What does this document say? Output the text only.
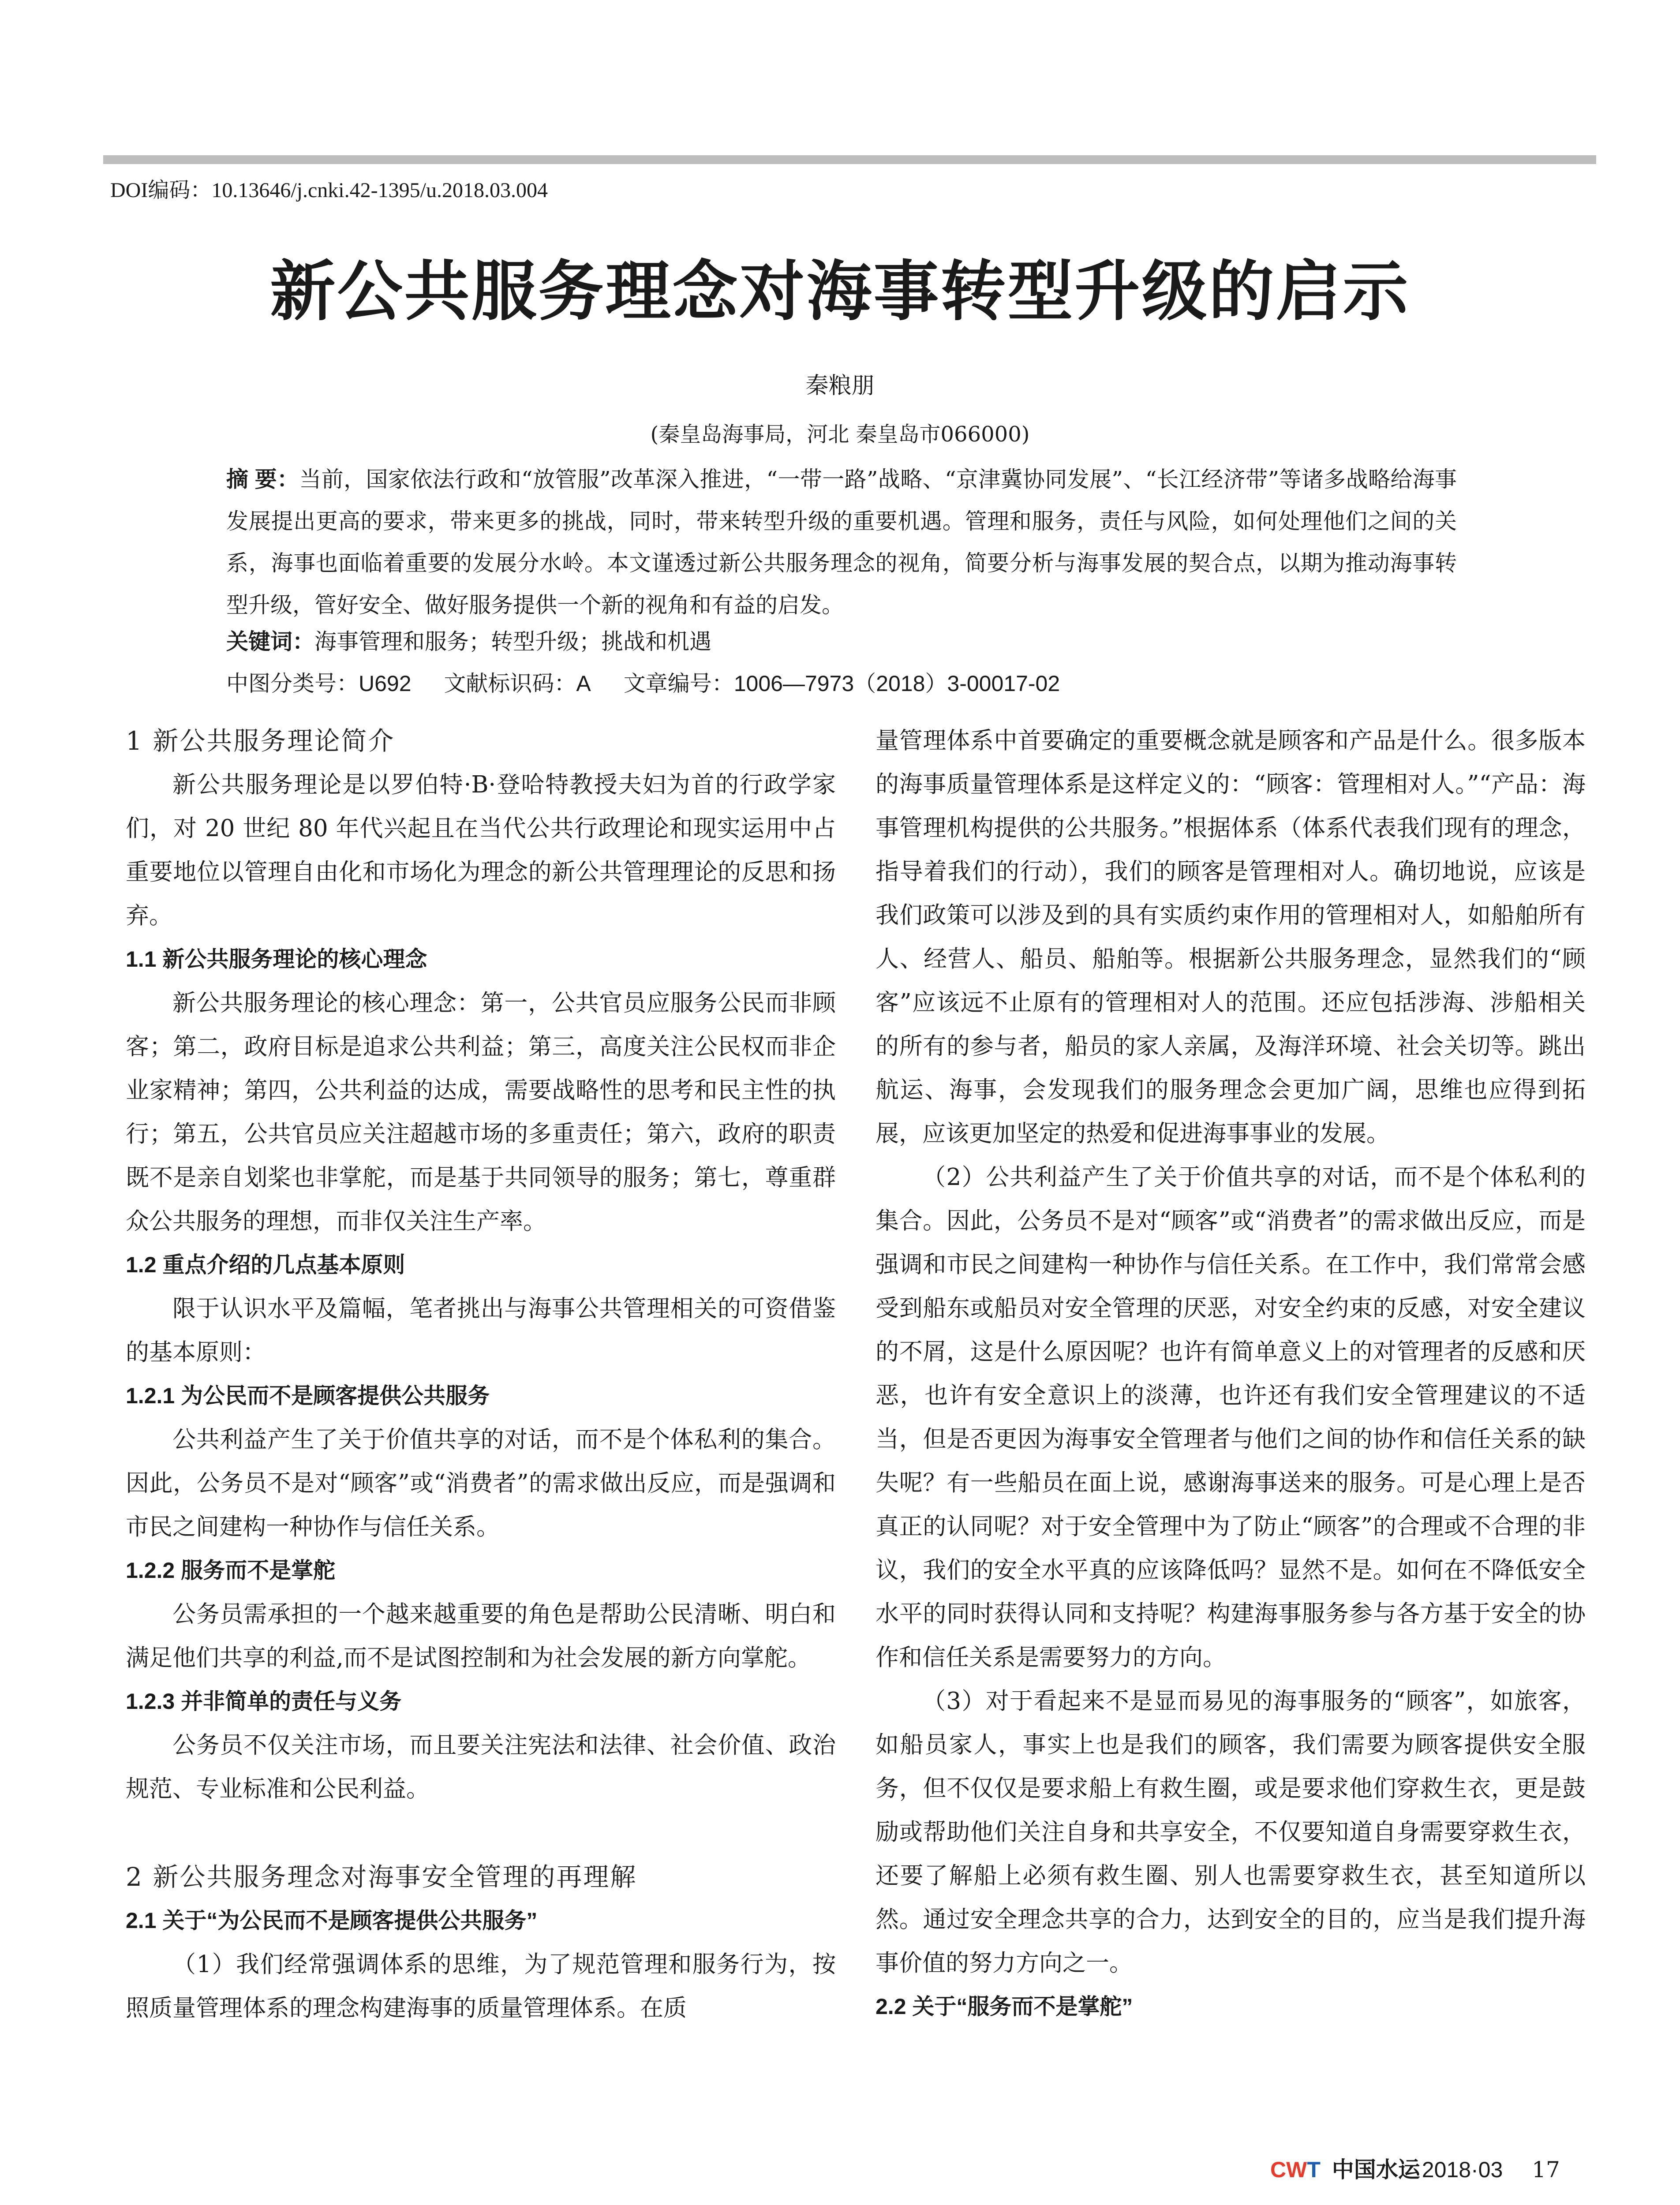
DOI编码：10.13646/j.cnki.42-1395/u.2018.03.004
新公共服务理念对海事转型升级的启示
秦粮朋
(秦皇岛海事局，河北 秦皇岛市066000)
摘 要：当前，国家依法行政和“放管服”改革深入推进，“一带一路”战略、“京津冀协同发展”、“长江经济带”等诸多战略给海事发展提出更高的要求，带来更多的挑战，同时，带来转型升级的重要机遇。管理和服务，责任与风险，如何处理他们之间的关系，海事也面临着重要的发展分水岭。本文谨透过新公共服务理念的视角，简要分析与海事发展的契合点，以期为推动海事转型升级，管好安全、做好服务提供一个新的视角和有益的启发。
关键词：海事管理和服务；转型升级；挑战和机遇
中图分类号：U692 文献标识码：A 文章编号：1006—7973（2018）3-00017-02
1 新公共服务理论简介

新公共服务理论是以罗伯特·B·登哈特教授夫妇为首的行政学家们，对 20 世纪 80 年代兴起且在当代公共行政理论和现实运用中占重要地位以管理自由化和市场化为理念的新公共管理理论的反思和扬弃。

1.1 新公共服务理论的核心理念

新公共服务理论的核心理念：第一，公共官员应服务公民而非顾客；第二，政府目标是追求公共利益；第三，高度关注公民权而非企业家精神；第四，公共利益的达成，需要战略性的思考和民主性的执行；第五，公共官员应关注超越市场的多重责任；第六，政府的职责既不是亲自划桨也非掌舵，而是基于共同领导的服务；第七，尊重群众公共服务的理想，而非仅关注生产率。

1.2 重点介绍的几点基本原则

限于认识水平及篇幅，笔者挑出与海事公共管理相关的可资借鉴的基本原则：

1.2.1 为公民而不是顾客提供公共服务

公共利益产生了关于价值共享的对话，而不是个体私利的集合。因此，公务员不是对“顾客”或“消费者”的需求做出反应，而是强调和市民之间建构一种协作与信任关系。

1.2.2 服务而不是掌舵

公务员需承担的一个越来越重要的角色是帮助公民清晰、明白和满足他们共享的利益,而不是试图控制和为社会发展的新方向掌舵。

1.2.3 并非简单的责任与义务

公务员不仅关注市场，而且要关注宪法和法律、社会价值、政治规范、专业标准和公民利益。

2 新公共服务理念对海事安全管理的再理解
2.1 关于“为公民而不是顾客提供公共服务”

（1）我们经常强调体系的思维，为了规范管理和服务行为，按照质量管理体系的理念构建海事的质量管理体系。在质

量管理体系中首要确定的重要概念就是顾客和产品是什么。很多版本的海事质量管理体系是这样定义的：“顾客：管理相对人。”“产品：海事管理机构提供的公共服务。”根据体系（体系代表我们现有的理念，指导着我们的行动），我们的顾客是管理相对人。确切地说，应该是我们政策可以涉及到的具有实质约束作用的管理相对人，如船舶所有人、经营人、船员、船舶等。根据新公共服务理念，显然我们的“顾客”应该远不止原有的管理相对人的范围。还应包括涉海、涉船相关的所有的参与者，船员的家人亲属，及海洋环境、社会关切等。跳出航运、海事，会发现我们的服务理念会更加广阔，思维也应得到拓展，应该更加坚定的热爱和促进海事事业的发展。

（2）公共利益产生了关于价值共享的对话，而不是个体私利的集合。因此，公务员不是对“顾客”或“消费者”的需求做出反应，而是强调和市民之间建构一种协作与信任关系。在工作中，我们常常会感受到船东或船员对安全管理的厌恶，对安全约束的反感，对安全建议的不屑，这是什么原因呢？也许有简单意义上的对管理者的反感和厌恶，也许有安全意识上的淡薄，也许还有我们安全管理建议的不适当，但是否更因为海事安全管理者与他们之间的协作和信任关系的缺失呢？有一些船员在面上说，感谢海事送来的服务。可是心理上是否真正的认同呢？对于安全管理中为了防止“顾客”的合理或不合理的非议，我们的安全水平真的应该降低吗？显然不是。如何在不降低安全水平的同时获得认同和支持呢？构建海事服务参与各方基于安全的协作和信任关系是需要努力的方向。

（3）对于看起来不是显而易见的海事服务的“顾客”，如旅客，如船员家人，事实上也是我们的顾客，我们需要为顾客提供安全服务，但不仅仅是要求船上有救生圈，或是要求他们穿救生衣，更是鼓励或帮助他们关注自身和共享安全，不仅要知道自身需要穿救生衣，还要了解船上必须有救生圈、别人也需要穿救生衣，甚至知道所以然。通过安全理念共享的合力，达到安全的目的，应当是我们提升海事价值的努力方向之一。

2.2 关于“服务而不是掌舵”
CWT 中国水运2018·03 17
